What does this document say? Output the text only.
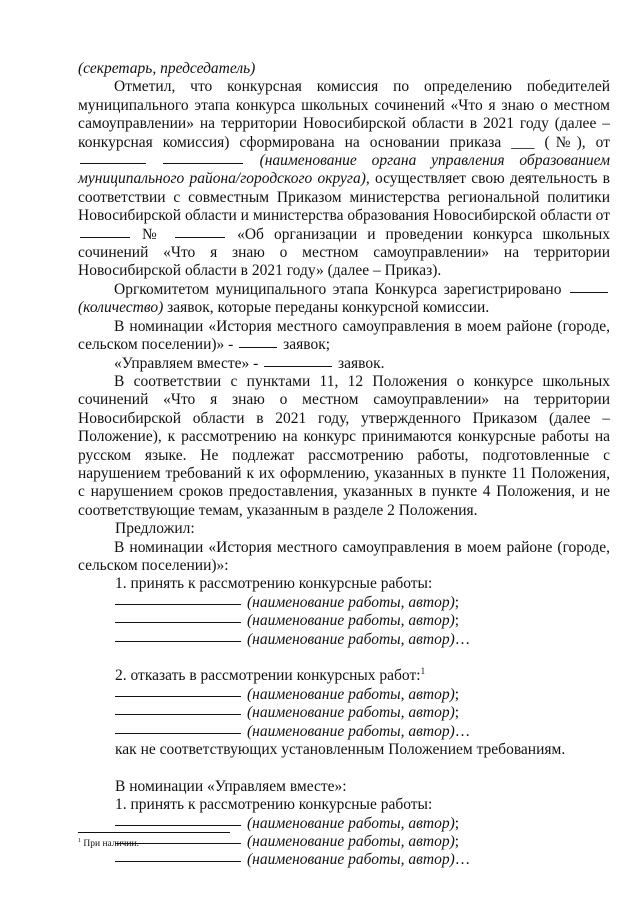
(секретарь, председатель)

Отметил, что конкурсная комиссия по определению победителей муниципального этапа конкурса школьных сочинений «Что я знаю о местном самоуправлении» на территории Новосибирской области в 2021 году (далее – конкурсная комиссия) сформирована на основании приказа ___ (№), от   (наименование органа управления образованием муниципального района/городского округа), осуществляет свою деятельность в соответствии с совместным Приказом министерства региональной политики Новосибирской области и министерства образования Новосибирской области от  №	«Об организации и проведении конкурса школьных сочинений «Что я знаю о местном самоуправлении» на территории Новосибирской области в 2021 году» (далее – Приказ).

Оргкомитетом муниципального этапа Конкурса зарегистрировано  (количество) заявок, которые переданы конкурсной комиссии.

В номинации «История местного самоуправления в моем районе (городе, сельском поселении)» -	заявок;

«Управляем вместе» -	заявок.

В соответствии с пунктами 11, 12 Положения о конкурсе школьных сочинений «Что я знаю о местном самоуправлении» на территории Новосибирской области в 2021 году, утвержденного Приказом (далее – Положение), к рассмотрению на конкурс принимаются конкурсные работы на русском языке. Не подлежат рассмотрению работы, подготовленные с нарушением требований к их оформлению, указанных в пункте 11 Положения, с нарушением сроков предоставления, указанных в пункте 4 Положения, и не соответствующие темам, указанным в разделе 2 Положения.

Предложил:

В номинации «История местного самоуправления в моем районе (городе, сельском поселении)»:

1. принять к рассмотрению конкурсные работы:

(наименование работы, автор);

(наименование работы, автор);

(наименование работы, автор)…

2. отказать в рассмотрении конкурсных работ:$^1$

(наименование работы, автор);

(наименование работы, автор);

(наименование работы, автор)…

как не соответствующих установленным Положением требованиям.

В номинации «Управляем вместе»:

1. принять к рассмотрению конкурсные работы:

(наименование работы, автор);

(наименование работы, автор);

(наименование работы, автор)…

$^1$ При наличии.
